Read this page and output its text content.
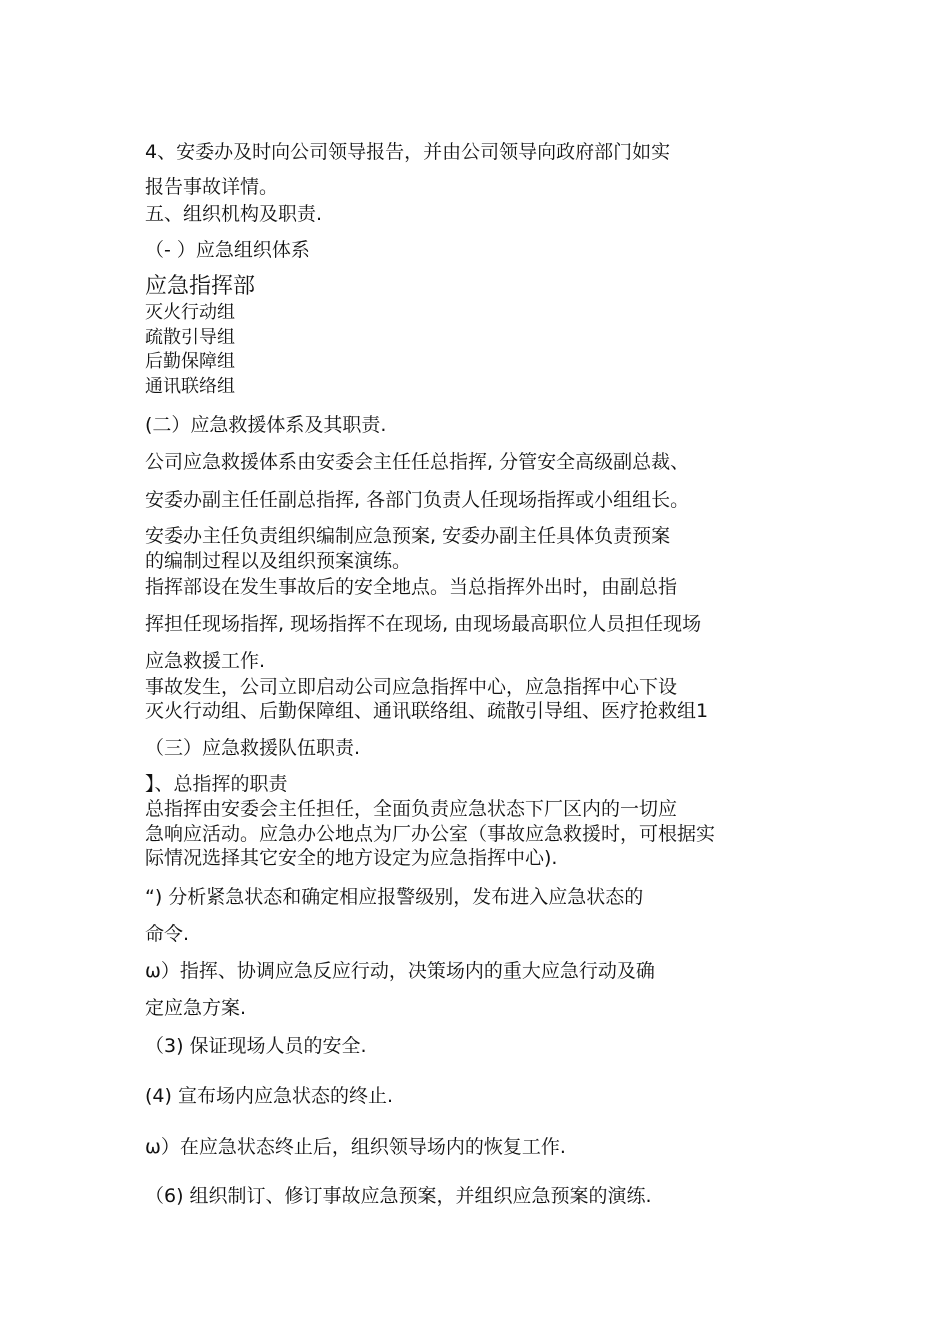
4、安委办及时向公司领导报告，并由公司领导向政府部门如实
报告事故详情。
五、组织机构及职责.
（- ）应急组织体系
应急指挥部
灭火行动组
疏散引导组
后勤保障组
通讯联络组
(二）应急救援体系及其职责.
公司应急救援体系由安委会主任任总指挥, 分管安全高级副总裁、
安委办副主任任副总指挥, 各部门负责人任现场指挥或小组组长。
安委办主任负责组织编制应急预案, 安委办副主任具体负责预案
的编制过程以及组织预案演练。
指挥部设在发生事故后的安全地点。当总指挥外出时，由副总指
挥担任现场指挥, 现场指挥不在现场, 由现场最高职位人员担任现场
应急救援工作.
事故发生，公司立即启动公司应急指挥中心，应急指挥中心下设
灭火行动组、后勤保障组、通讯联络组、疏散引导组、医疗抢救组1
（三）应急救援队伍职责.
】、总指挥的职责
总指挥由安委会主任担任，全面负责应急状态下厂区内的一切应
急响应活动。应急办公地点为厂办公室（事故应急救援时，可根据实
际情况选择其它安全的地方设定为应急指挥中心).
“) 分析紧急状态和确定相应报警级别，发布进入应急状态的
命令.
ω）指挥、协调应急反应行动，决策场内的重大应急行动及确
定应急方案.
（3) 保证现场人员的安全.
(4) 宣布场内应急状态的终止.
ω）在应急状态终止后，组织领导场内的恢复工作.
（6) 组织制订、修订事故应急预案，并组织应急预案的演练.
